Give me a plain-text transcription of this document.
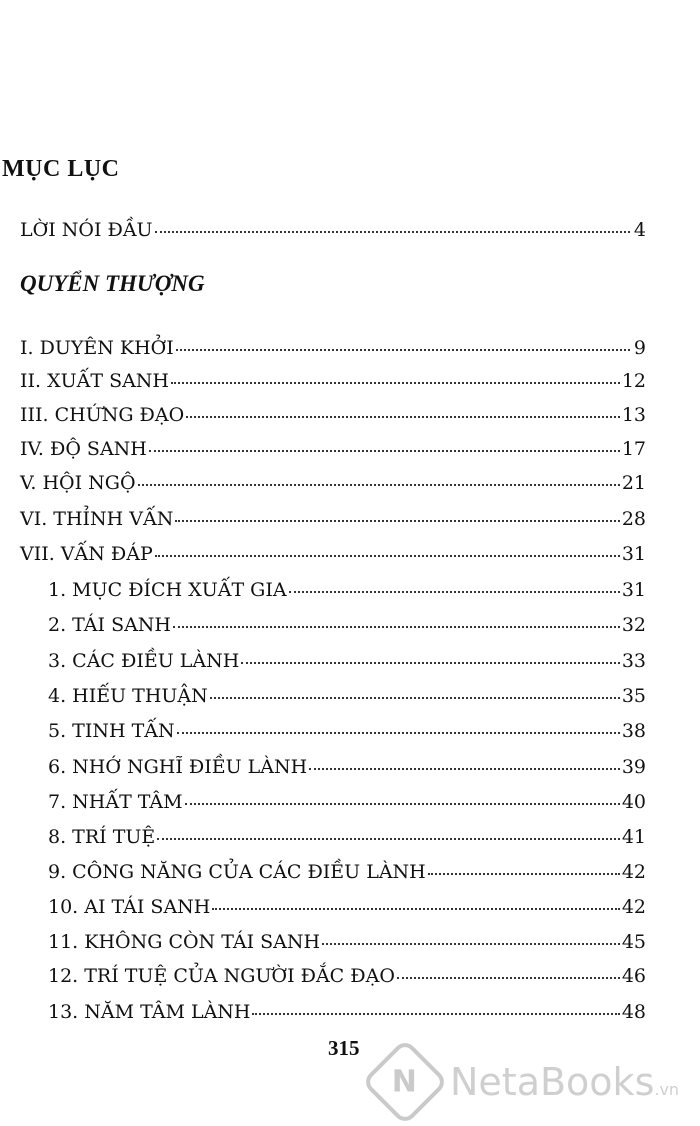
MỤC LỤC
LỜI NÓI ĐẦU	4
QUYỂN THƯỢNG
I. DUYÊN KHỞI	9
II. XUẤT SANH	12
III. CHỨNG ĐẠO	13
IV. ĐỘ SANH	17
V. HỘI NGỘ	21
VI. THỈNH VẤN	28
VII. VẤN ĐÁP	31
1. MỤC ĐÍCH XUẤT GIA	31
2. TÁI SANH	32
3. CÁC ĐIỀU LÀNH	33
4. HIẾU THUẬN	35
5. TINH TẤN	38
6. NHỚ NGHĨ ĐIỀU LÀNH	39
7. NHẤT TÂM	40
8. TRÍ TUỆ	41
9. CÔNG NĂNG CỦA CÁC ĐIỀU LÀNH	42
10. AI TÁI SANH	42
11. KHÔNG CÒN TÁI SANH	45
12. TRÍ TUỆ CỦA NGƯỜI ĐẮC ĐẠO	46
13. NĂM TÂM LÀNH	48
315
N NetaBooks.vn
